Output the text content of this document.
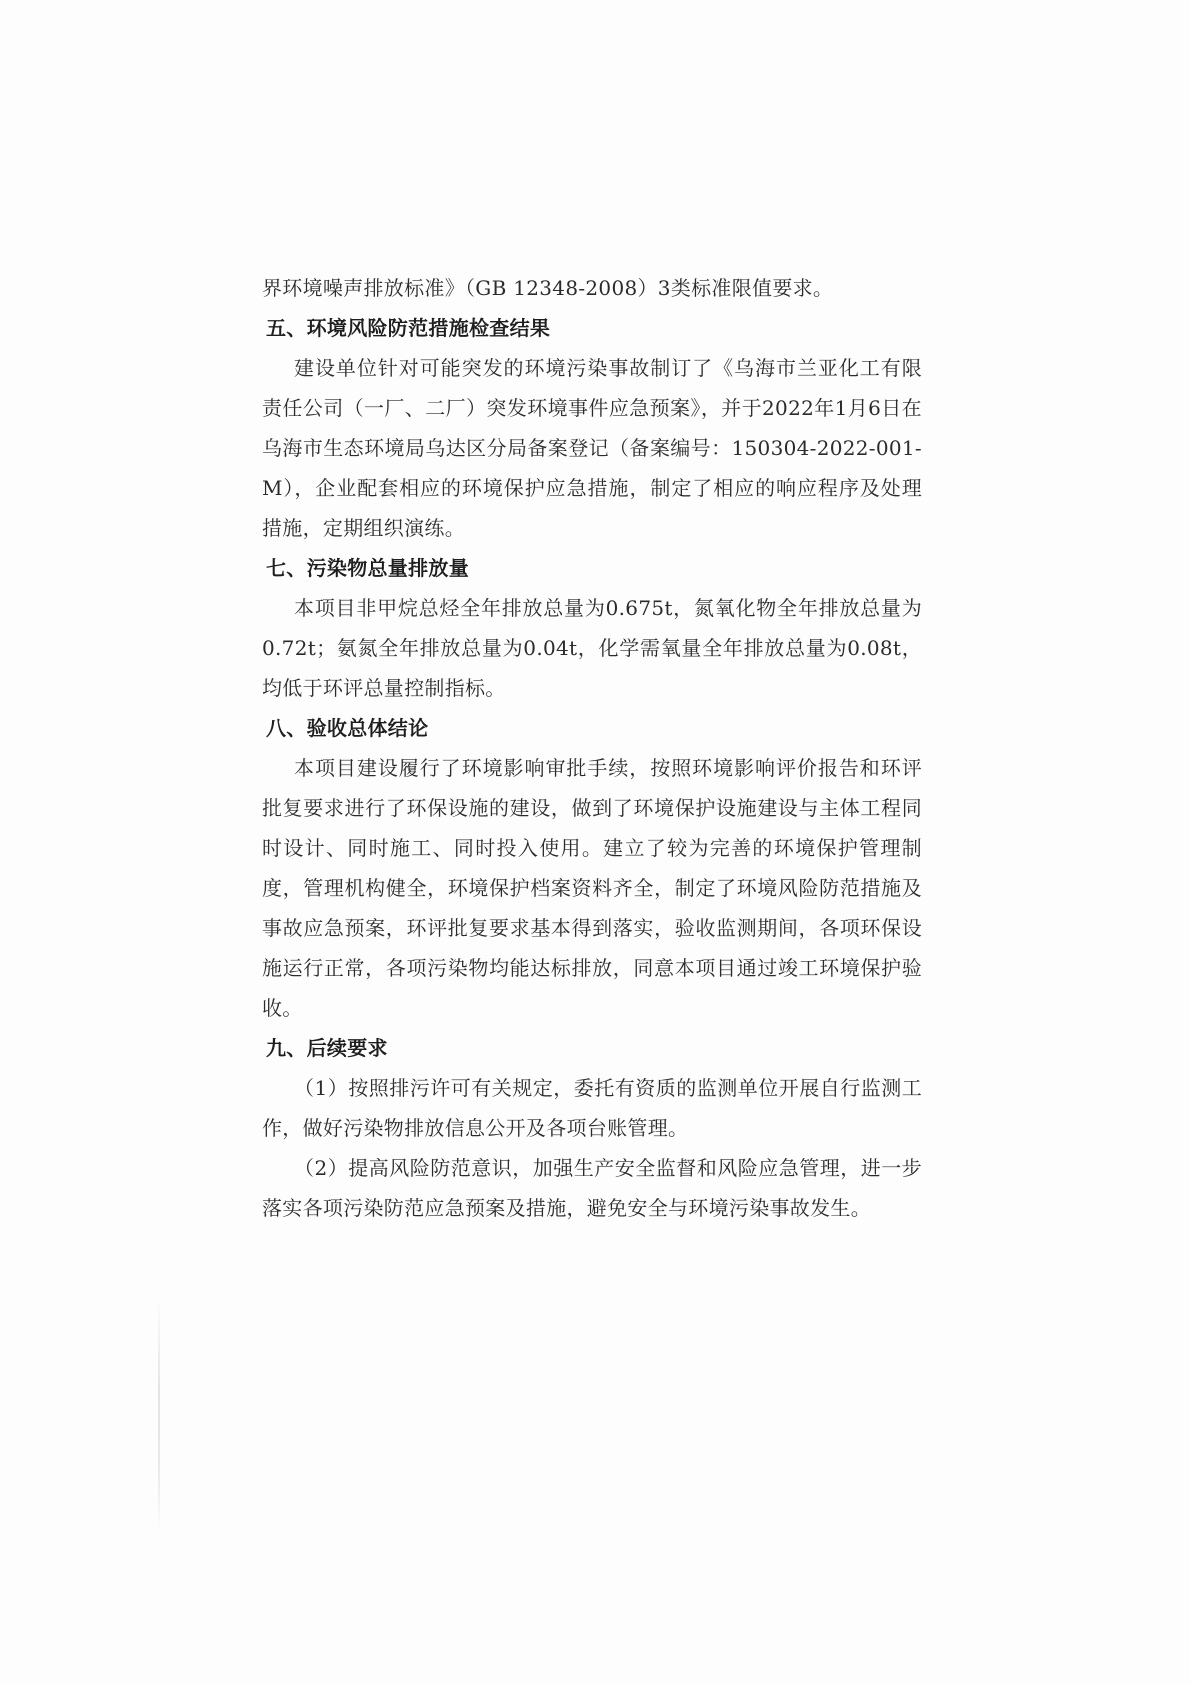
界环境噪声排放标准》（GB 12348-2008）3类标准限值要求。

五、环境风险防范措施检查结果

建设单位针对可能突发的环境污染事故制订了《乌海市兰亚化工有限责任公司（一厂、二厂）突发环境事件应急预案》，并于2022年1月6日在乌海市生态环境局乌达区分局备案登记（备案编号：150304-2022-001-M），企业配套相应的环境保护应急措施，制定了相应的响应程序及处理措施，定期组织演练。

七、污染物总量排放量

本项目非甲烷总烃全年排放总量为0.675t，氮氧化物全年排放总量为0.72t；氨氮全年排放总量为0.04t，化学需氧量全年排放总量为0.08t，均低于环评总量控制指标。

八、验收总体结论

本项目建设履行了环境影响审批手续，按照环境影响评价报告和环评批复要求进行了环保设施的建设，做到了环境保护设施建设与主体工程同时设计、同时施工、同时投入使用。建立了较为完善的环境保护管理制度，管理机构健全，环境保护档案资料齐全，制定了环境风险防范措施及事故应急预案，环评批复要求基本得到落实，验收监测期间，各项环保设施运行正常，各项污染物均能达标排放，同意本项目通过竣工环境保护验收。

九、后续要求

（1）按照排污许可有关规定，委托有资质的监测单位开展自行监测工作，做好污染物排放信息公开及各项台账管理。

（2）提高风险防范意识，加强生产安全监督和风险应急管理，进一步落实各项污染防范应急预案及措施，避免安全与环境污染事故发生。
